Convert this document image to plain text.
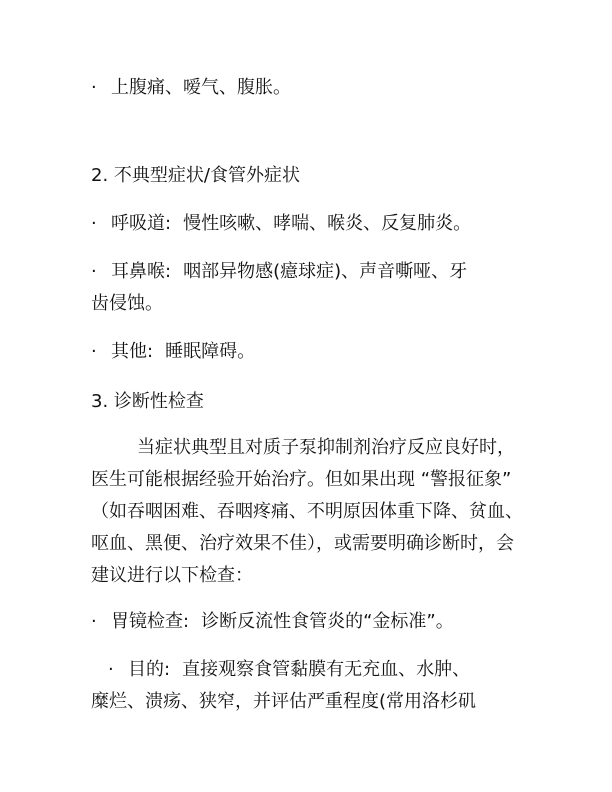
· 上腹痛、嗳气、腹胀。
2. 不典型症状/食管外症状
· 呼吸道: 慢性咳嗽、哮喘、喉炎、反复肺炎。
· 耳鼻喉: 咽部异物感(癔球症)、声音嘶哑、牙
齿侵蚀。
· 其他: 睡眠障碍。
3. 诊断性检查
当症状典型且对质子泵抑制剂治疗反应良好时，医生可能根据经验开始治疗。但如果出现 “警报征象” （如吞咽困难、吞咽疼痛、不明原因体重下降、贫血、呕血、黑便、治疗效果不佳），或需要明确诊断时，会建议进行以下检查：
· 胃镜检查: 诊断反流性食管炎的“金标准”。
· 目的: 直接观察食管黏膜有无充血、水肿、
糜烂、溃疡、狭窄，并评估严重程度(常用洛杉矶
